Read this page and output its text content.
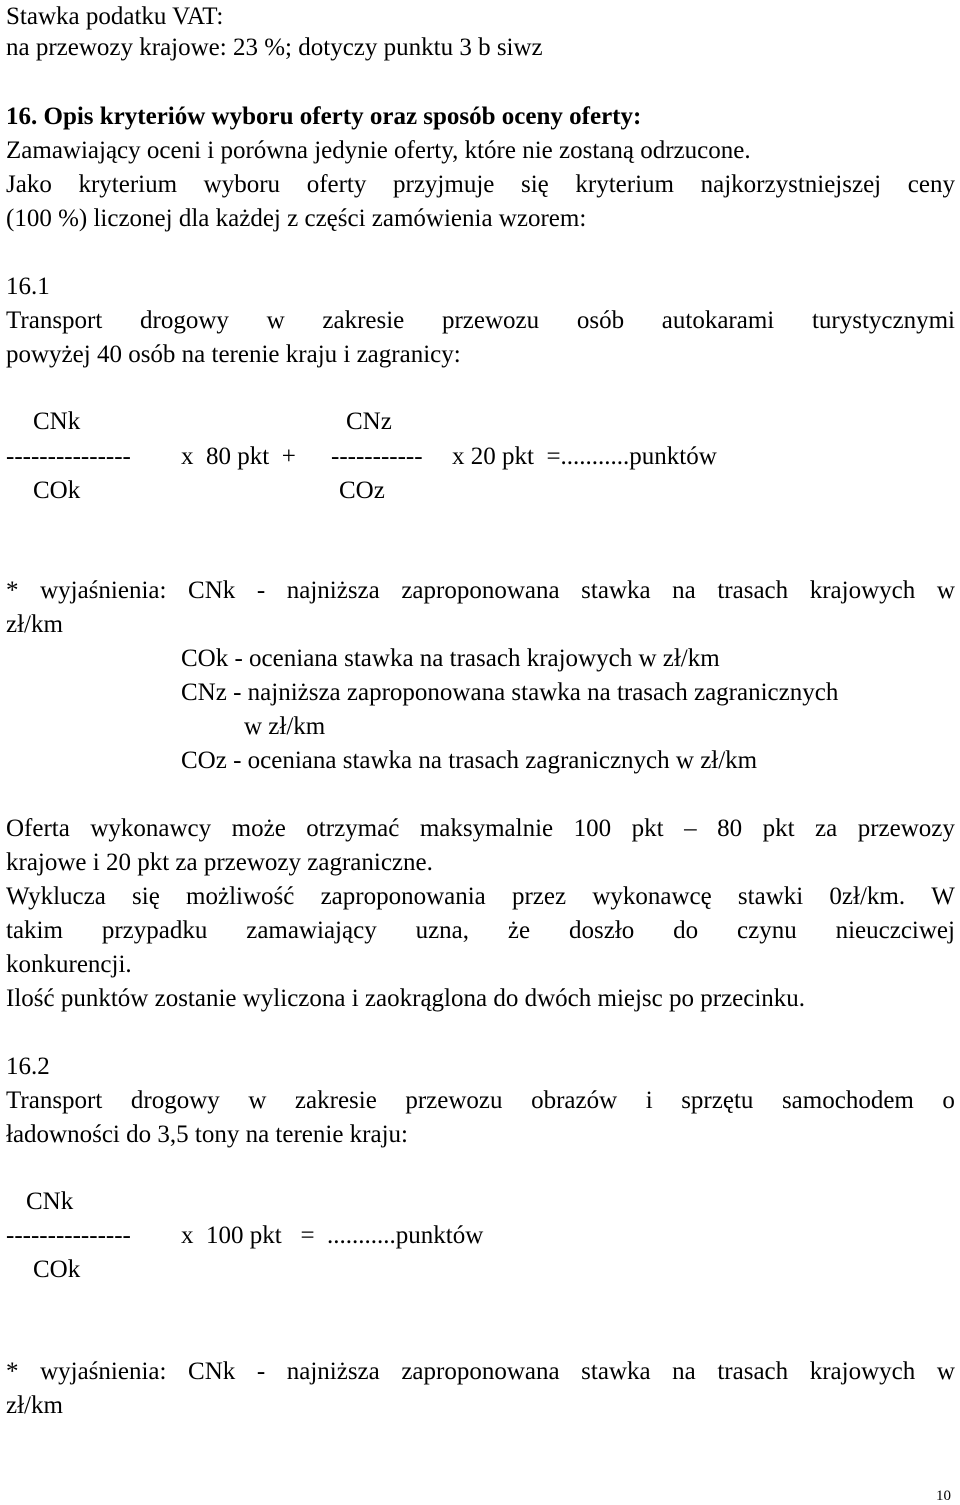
Stawka podatku VAT:
na przewozy krajowe: 23 %; dotyczy punktu 3 b siwz
16. Opis kryteriów wyboru oferty oraz sposób oceny oferty:
Zamawiający oceni i porówna jedynie oferty, które nie zostaną odrzucone.
Jako kryterium wyboru oferty przyjmuje się kryterium najkorzystniejszej ceny
(100 %) liczonej dla każdej z części zamówienia wzorem:
16.1
Transport drogowy w zakresie przewozu osób autokarami turystycznymi
powyżej 40 osób na terenie kraju i zagranicy:
CNk	CNz
--------------- x  80 pkt  + ----------- x 20 pkt  =...........punktów
COk	COz
* wyjaśnienia: CNk - najniższa zaproponowana stawka na trasach krajowych w
zł/km
COk - oceniana stawka na trasach krajowych w zł/km
CNz - najniższa zaproponowana stawka na trasach zagranicznych
w zł/km
COz - oceniana stawka na trasach zagranicznych w zł/km
Oferta wykonawcy może otrzymać maksymalnie 100 pkt – 80 pkt za przewozy
krajowe i 20 pkt za przewozy zagraniczne.
Wyklucza się możliwość zaproponowania przez wykonawcę stawki 0zł/km. W
takim przypadku zamawiający uzna, że doszło do czynu nieuczciwej
konkurencji.
Ilość punktów zostanie wyliczona i zaokrąglona do dwóch miejsc po przecinku.
16.2
Transport drogowy w zakresie przewozu obrazów i sprzętu samochodem o
ładowności do 3,5 tony na terenie kraju:
CNk
--------------- x  100 pkt   =  ...........punktów
COk
* wyjaśnienia: CNk - najniższa zaproponowana stawka na trasach krajowych w
zł/km
10
